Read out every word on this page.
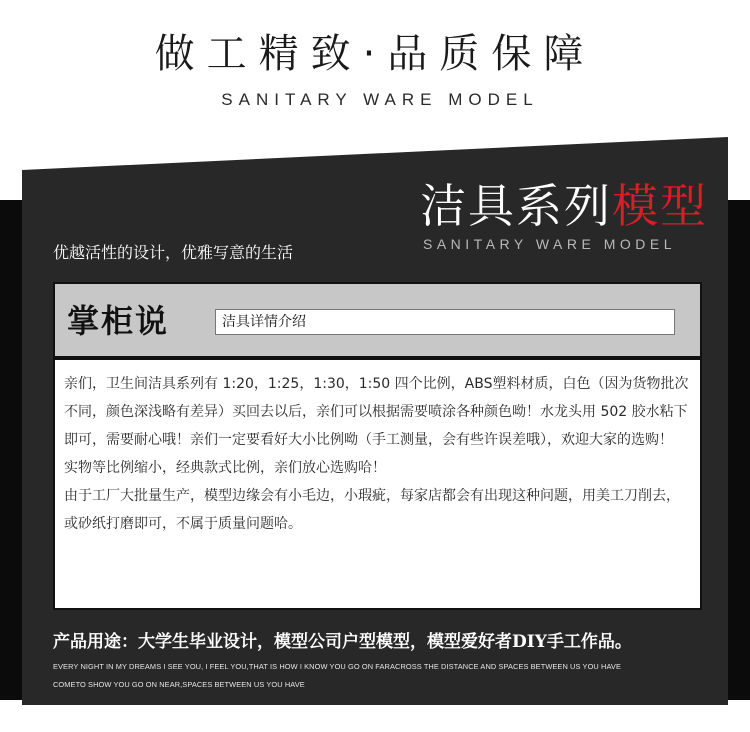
做工精致·品质保障
SANITARY WARE MODEL
洁具系列模型
SANITARY WARE MODEL
优越活性的设计，优雅写意的生活
掌柜说	洁具详情介绍

亲们，卫生间洁具系列有 1:20，1:25，1:30，1:50 四个比例，ABS塑料材质，白色（因为货物批次不同，颜色深浅略有差异）买回去以后，亲们可以根据需要喷涂各种颜色呦！水龙头用 502 胶水粘下即可，需要耐心哦！亲们一定要看好大小比例呦（手工测量，会有些许误差哦），欢迎大家的选购！

实物等比例缩小，经典款式比例，亲们放心选购哈！

由于工厂大批量生产，模型边缘会有小毛边，小瑕疵，每家店都会有出现这种问题，用美工刀削去，或砂纸打磨即可，不属于质量问题哈。

产品用途：大学生毕业设计，模型公司户型模型，模型爱好者DIY手工作品。
EVERY NIGHT IN MY DREAMS I SEE YOU, I FEEL YOU,THAT IS HOW I KNOW YOU GO ON FARACROSS THE DISTANCE AND SPACES BETWEEN US YOU HAVE
COMETO SHOW YOU GO ON NEAR,SPACES BETWEEN US YOU HAVE
